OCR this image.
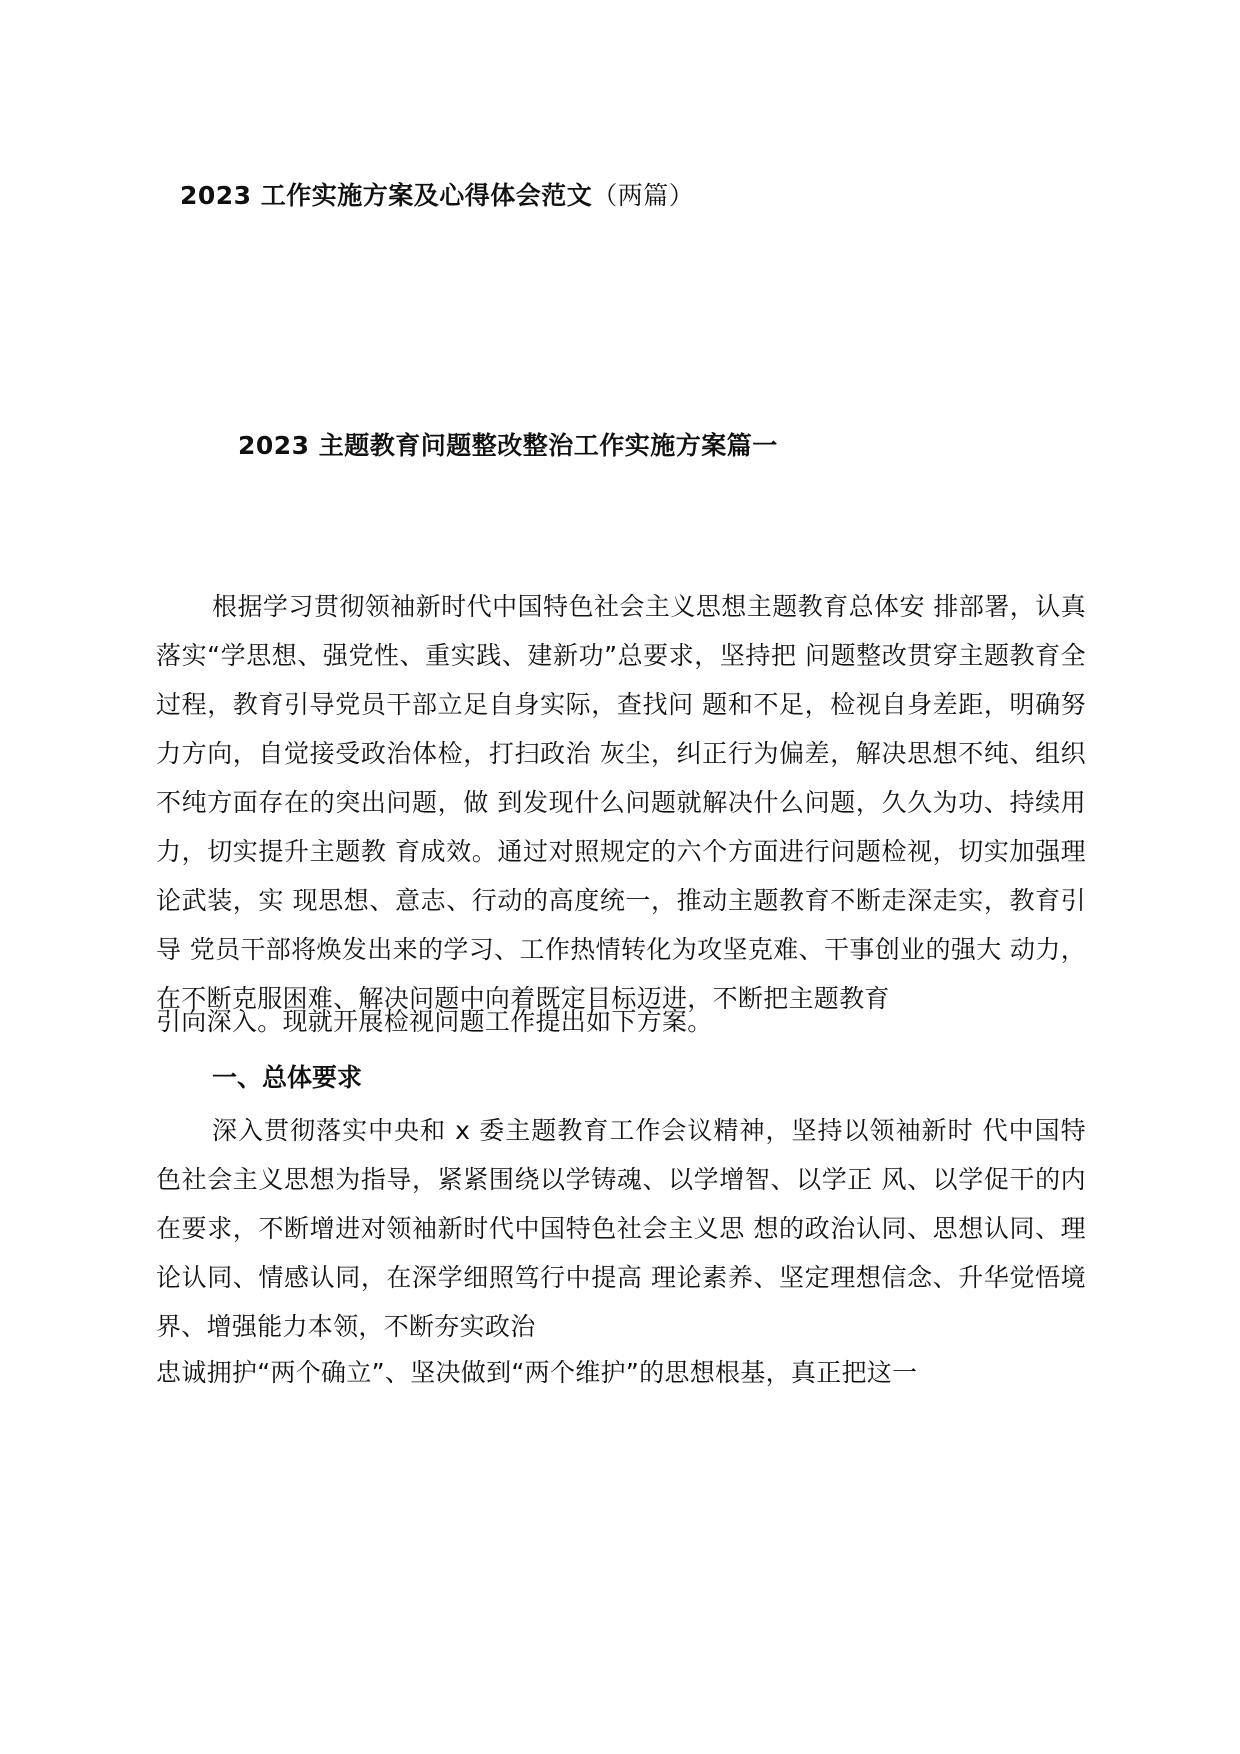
2023 工作实施方案及心得体会范文（两篇）
2023 主题教育问题整改整治工作实施方案篇一

根据学习贯彻领袖新时代中国特色社会主义思想主题教育总体安 排部署，认真落实“学思想、强党性、重实践、建新功”总要求，坚持把 问题整改贯穿主题教育全过程，教育引导党员干部立足自身实际，查找问 题和不足，检视自身差距，明确努力方向，自觉接受政治体检，打扫政治 灰尘，纠正行为偏差，解决思想不纯、组织不纯方面存在的突出问题，做 到发现什么问题就解决什么问题，久久为功、持续用力，切实提升主题教 育成效。通过对照规定的六个方面进行问题检视，切实加强理论武装，实 现思想、意志、行动的高度统一，推动主题教育不断走深走实，教育引导 党员干部将焕发出来的学习、工作热情转化为攻坚克难、干事创业的强大 动力，在不断克服困难、解决问题中向着既定目标迈进，不断把主题教育

引向深入。现就开展检视问题工作提出如下方案。

一、总体要求

深入贯彻落实中央和 x 委主题教育工作会议精神，坚持以领袖新时 代中国特色社会主义思想为指导，紧紧围绕以学铸魂、以学增智、以学正 风、以学促干的内在要求，不断增进对领袖新时代中国特色社会主义思 想的政治认同、思想认同、理论认同、情感认同，在深学细照笃行中提高 理论素养、坚定理想信念、升华觉悟境界、增强能力本领，不断夯实政治

忠诚拥护“两个确立”、坚决做到“两个维护”的思想根基，真正把这一
